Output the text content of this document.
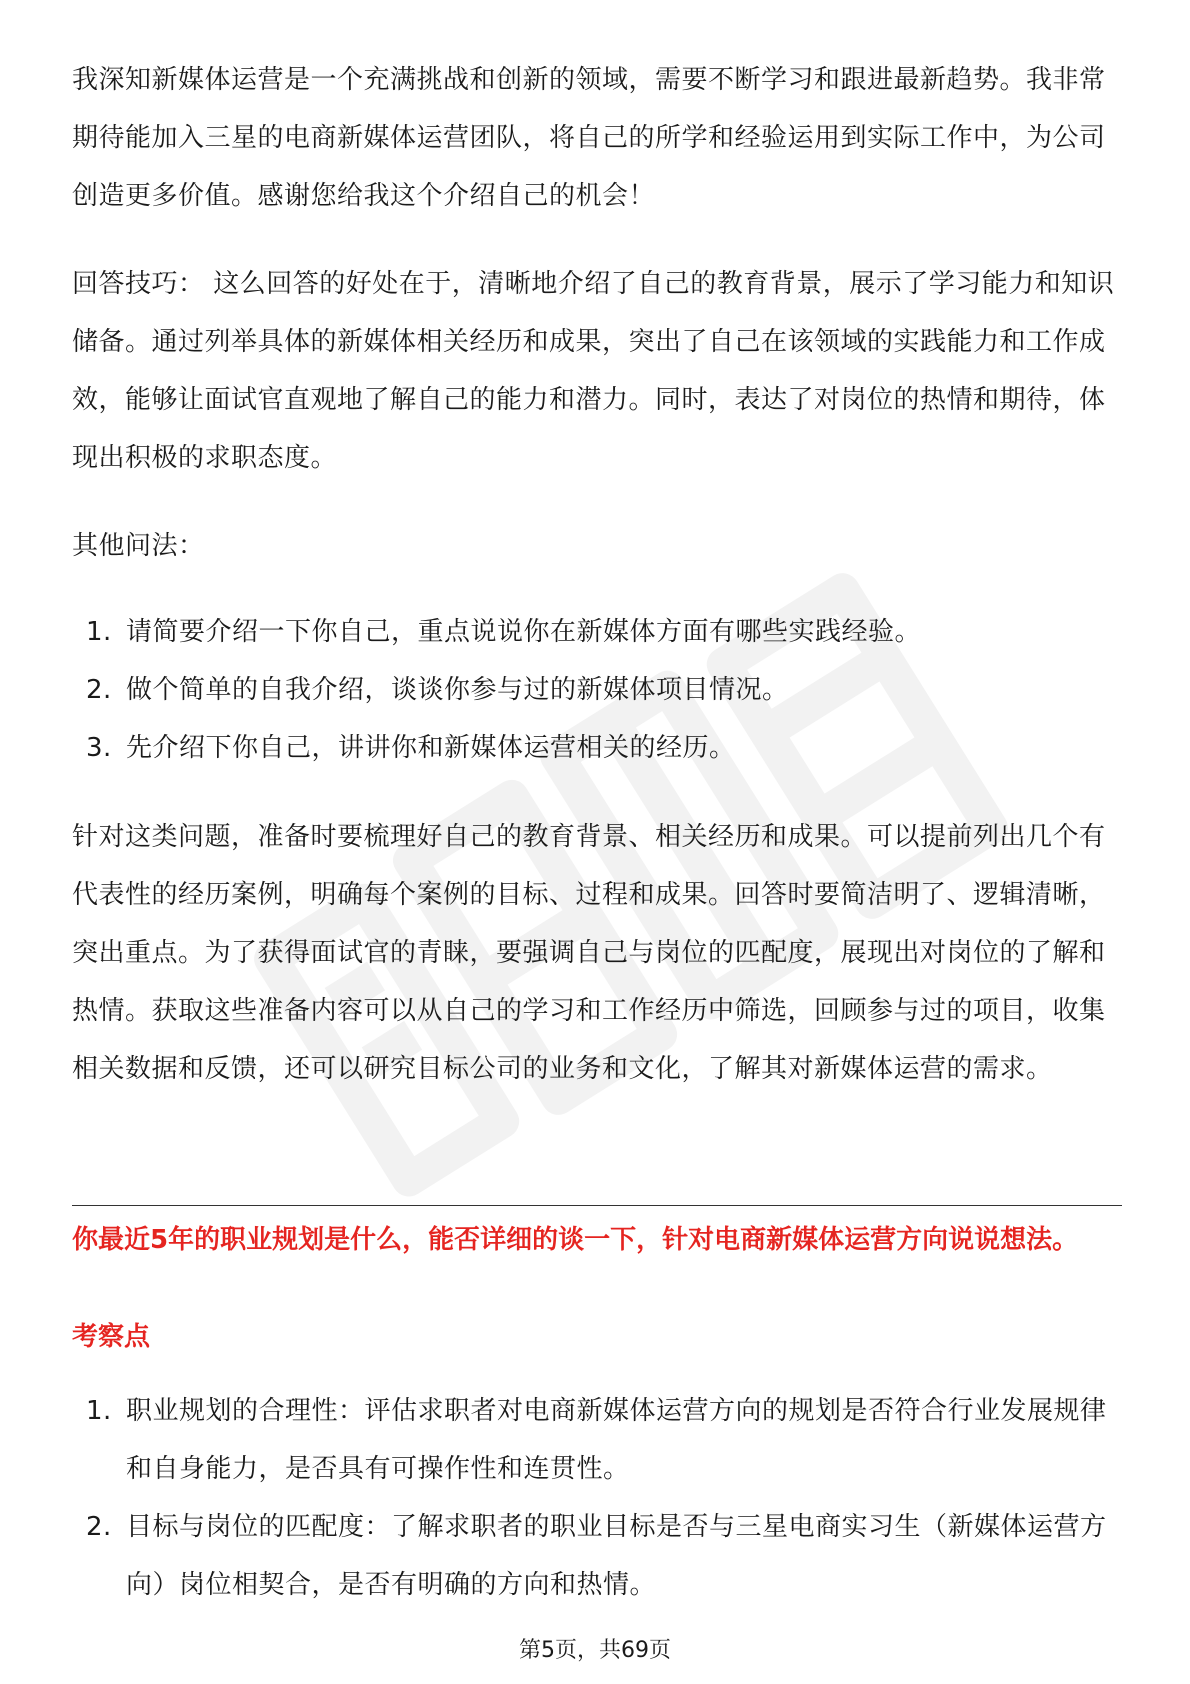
我深知新媒体运营是一个充满挑战和创新的领域，需要不断学习和跟进最新趋势。我非常期待能加入三星的电商新媒体运营团队，将自己的所学和经验运用到实际工作中，为公司创造更多价值。感谢您给我这个介绍自己的机会！

回答技巧： 这么回答的好处在于，清晰地介绍了自己的教育背景，展示了学习能力和知识储备。通过列举具体的新媒体相关经历和成果，突出了自己在该领域的实践能力和工作成效，能够让面试官直观地了解自己的能力和潜力。同时，表达了对岗位的热情和期待，体现出积极的求职态度。

其他问法：

1. 请简要介绍一下你自己，重点说说你在新媒体方面有哪些实践经验。
2. 做个简单的自我介绍，谈谈你参与过的新媒体项目情况。
3. 先介绍下你自己，讲讲你和新媒体运营相关的经历。

针对这类问题，准备时要梳理好自己的教育背景、相关经历和成果。可以提前列出几个有代表性的经历案例，明确每个案例的目标、过程和成果。回答时要简洁明了、逻辑清晰，突出重点。为了获得面试官的青睐，要强调自己与岗位的匹配度，展现出对岗位的了解和热情。获取这些准备内容可以从自己的学习和工作经历中筛选，回顾参与过的项目，收集相关数据和反馈，还可以研究目标公司的业务和文化，了解其对新媒体运营的需求。

你最近5年的职业规划是什么，能否详细的谈一下，针对电商新媒体运营方向说说想法。

考察点

1. 职业规划的合理性：评估求职者对电商新媒体运营方向的规划是否符合行业发展规律和自身能力，是否具有可操作性和连贯性。
2. 目标与岗位的匹配度：了解求职者的职业目标是否与三星电商实习生（新媒体运营方向）岗位相契合，是否有明确的方向和热情。
第5页，共69页
